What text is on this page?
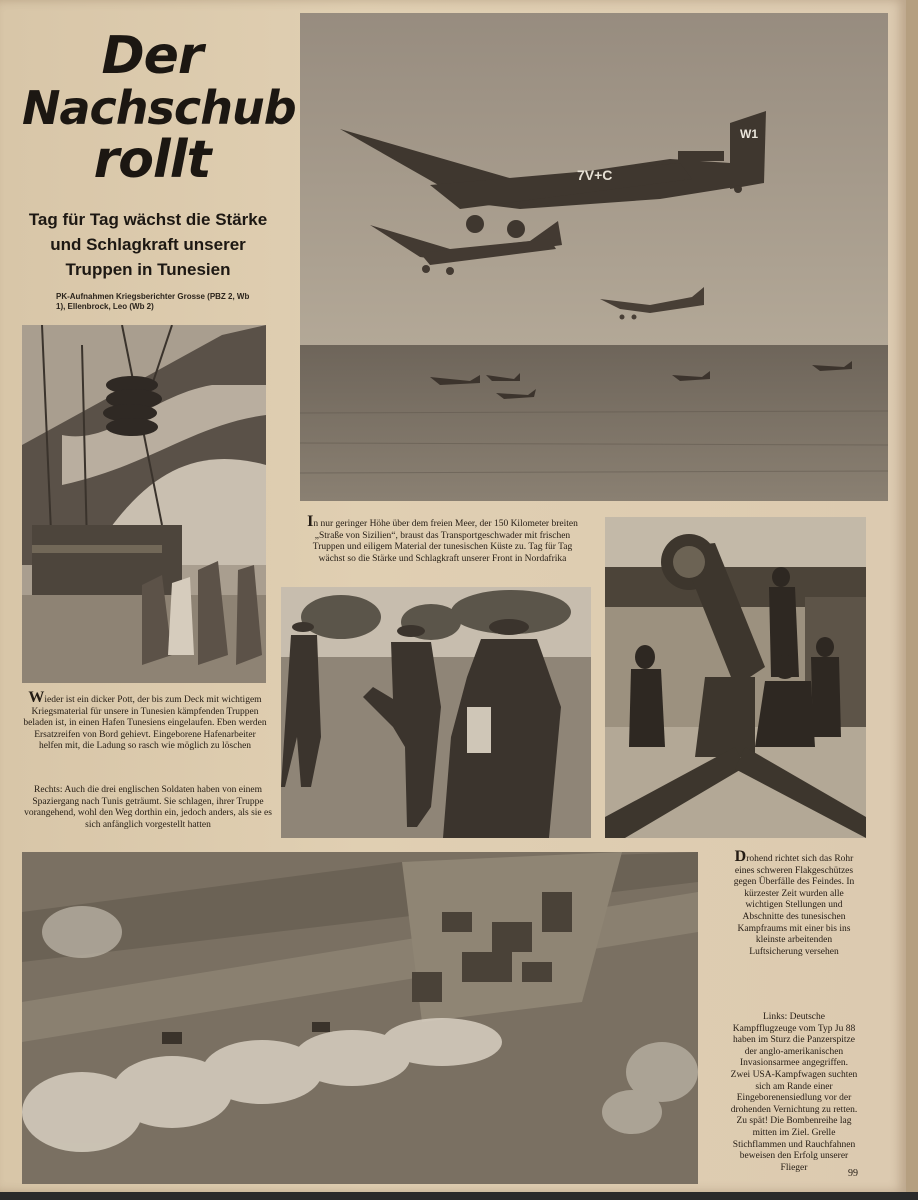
Der
Nachschub
rollt
Tag für Tag wächst die Stärke und Schlagkraft unserer Truppen in Tunesien
PK-Aufnahmen Kriegsberichter Grosse (PBZ 2, Wb 1), Ellenbrock, Leo (Wb 2)
7V+C
W1
In nur geringer Höhe über dem freien Meer, der 150 Kilometer breiten „Straße von Sizilien“, braust das Transportgeschwader mit frischen Truppen und eiligem Material der tunesischen Küste zu. Tag für Tag wächst so die Stärke und Schlagkraft unserer Front in Nordafrika
Wieder ist ein dicker Pott, der bis zum Deck mit wichtigem Kriegsmaterial für unsere in Tunesien kämpfenden Truppen beladen ist, in einen Hafen Tunesiens eingelaufen. Eben werden Ersatzreifen von Bord gehievt. Eingeborene Hafenarbeiter helfen mit, die Ladung so rasch wie möglich zu löschen
Rechts: Auch die drei englischen Soldaten haben von einem Spaziergang nach Tunis geträumt. Sie schlagen, ihrer Truppe vorangehend, wohl den Weg dorthin ein, jedoch anders, als sie es sich anfänglich vorgestellt hatten
Drohend richtet sich das Rohr eines schweren Flakgeschützes gegen Überfälle des Feindes. In kürzester Zeit wurden alle wichtigen Stellungen und Abschnitte des tunesischen Kampfraums mit einer bis ins kleinste arbeitenden Luftsicherung versehen
Links: Deutsche Kampfflugzeuge vom Typ Ju 88 haben im Sturz die Panzerspitze der anglo-amerikanischen Invasionsarmee angegriffen. Zwei USA-Kampfwagen suchten sich am Rande einer Eingeborenensiedlung vor der drohenden Vernichtung zu retten. Zu spät! Die Bombenreihe lag mitten im Ziel. Grelle Stichflammen und Rauchfahnen beweisen den Erfolg unserer Flieger
99
